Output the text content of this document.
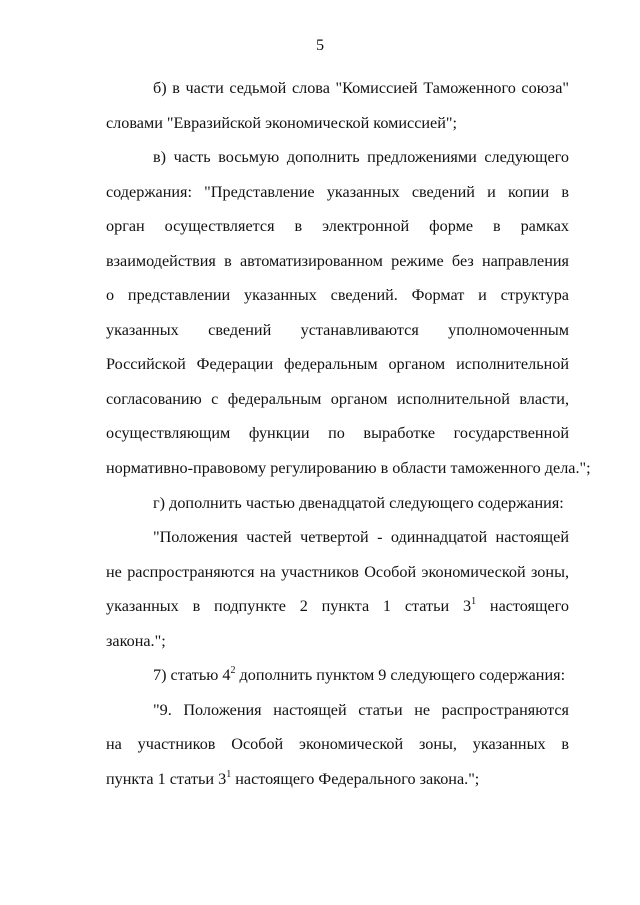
5
б) в части седьмой слова "Комиссией Таможенного союза"
словами "Евразийской экономической комиссией";
в) часть восьмую дополнить предложениями следующего
содержания: "Представление указанных сведений и копии в
орган осуществляется в электронной форме в рамках
взаимодействия в автоматизированном режиме без направления
о представлении указанных сведений. Формат и структура
указанных сведений устанавливаются уполномоченным
Российской Федерации федеральным органом исполнительной
согласованию с федеральным органом исполнительной власти,
осуществляющим функции по выработке государственной
нормативно-правовому регулированию в области таможенного дела.";
г) дополнить частью двенадцатой следующего содержания:
"Положения частей четвертой - одиннадцатой настоящей
не распространяются на участников Особой экономической зоны,
указанных в подпункте 2 пункта 1 статьи $3^1$ настоящего
закона.";
7) статью $4^2$ дополнить пунктом 9 следующего содержания:
"9. Положения настоящей статьи не распространяются
на участников Особой экономической зоны, указанных в
пункта 1 статьи $3^1$ настоящего Федерального закона.";
